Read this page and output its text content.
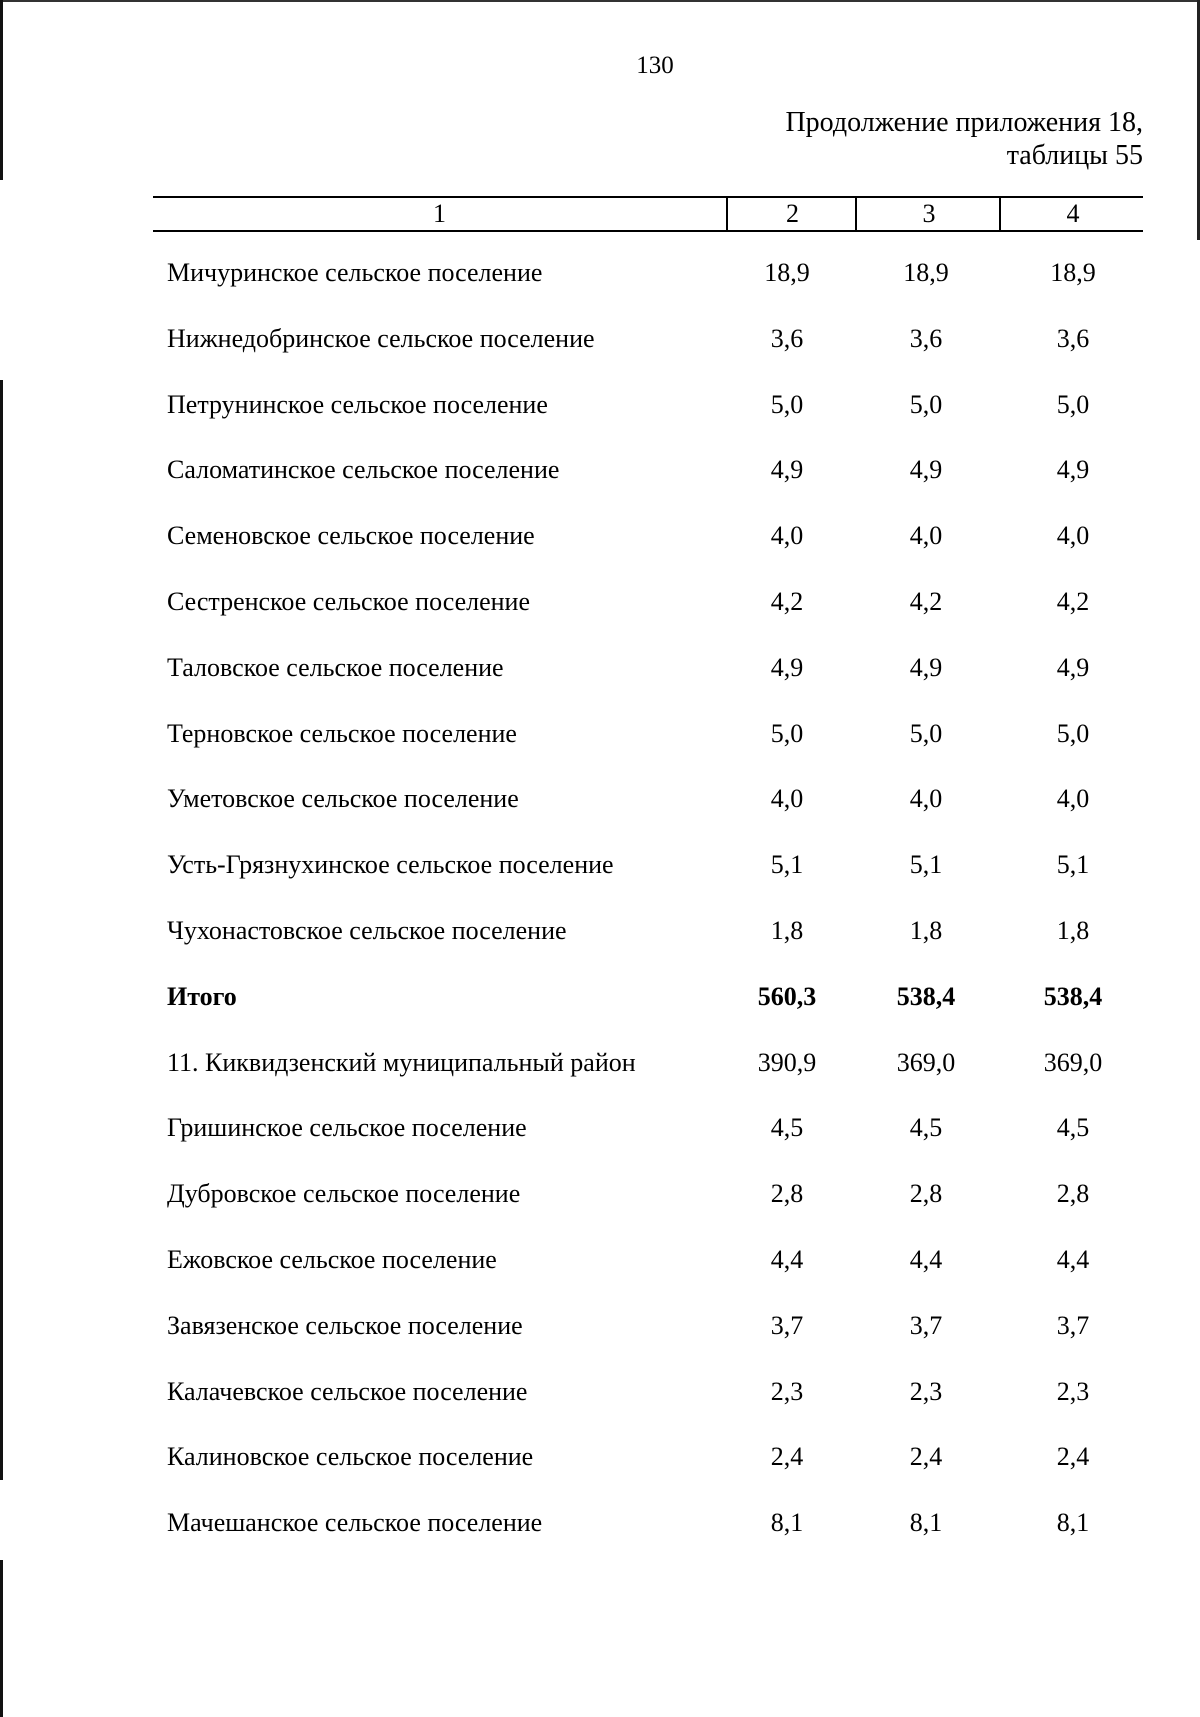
130
Продолжение приложения 18,
таблицы 55
1	2	3	4
Мичуринское сельское поселение	18,9	18,9	18,9
Нижнедобринское сельское поселение	3,6	3,6	3,6
Петрунинское сельское поселение	5,0	5,0	5,0
Саломатинское сельское поселение	4,9	4,9	4,9
Семеновское сельское поселение	4,0	4,0	4,0
Сестренское сельское поселение	4,2	4,2	4,2
Таловское сельское поселение	4,9	4,9	4,9
Терновское сельское поселение	5,0	5,0	5,0
Уметовское сельское поселение	4,0	4,0	4,0
Усть-Грязнухинское сельское поселение	5,1	5,1	5,1
Чухонастовское сельское поселение	1,8	1,8	1,8
Итого	560,3	538,4	538,4
11. Киквидзенский муниципальный район	390,9	369,0	369,0
Гришинское сельское поселение	4,5	4,5	4,5
Дубровское сельское поселение	2,8	2,8	2,8
Ежовское сельское поселение	4,4	4,4	4,4
Завязенское сельское поселение	3,7	3,7	3,7
Калачевское сельское поселение	2,3	2,3	2,3
Калиновское сельское поселение	2,4	2,4	2,4
Мачешанское сельское поселение	8,1	8,1	8,1
